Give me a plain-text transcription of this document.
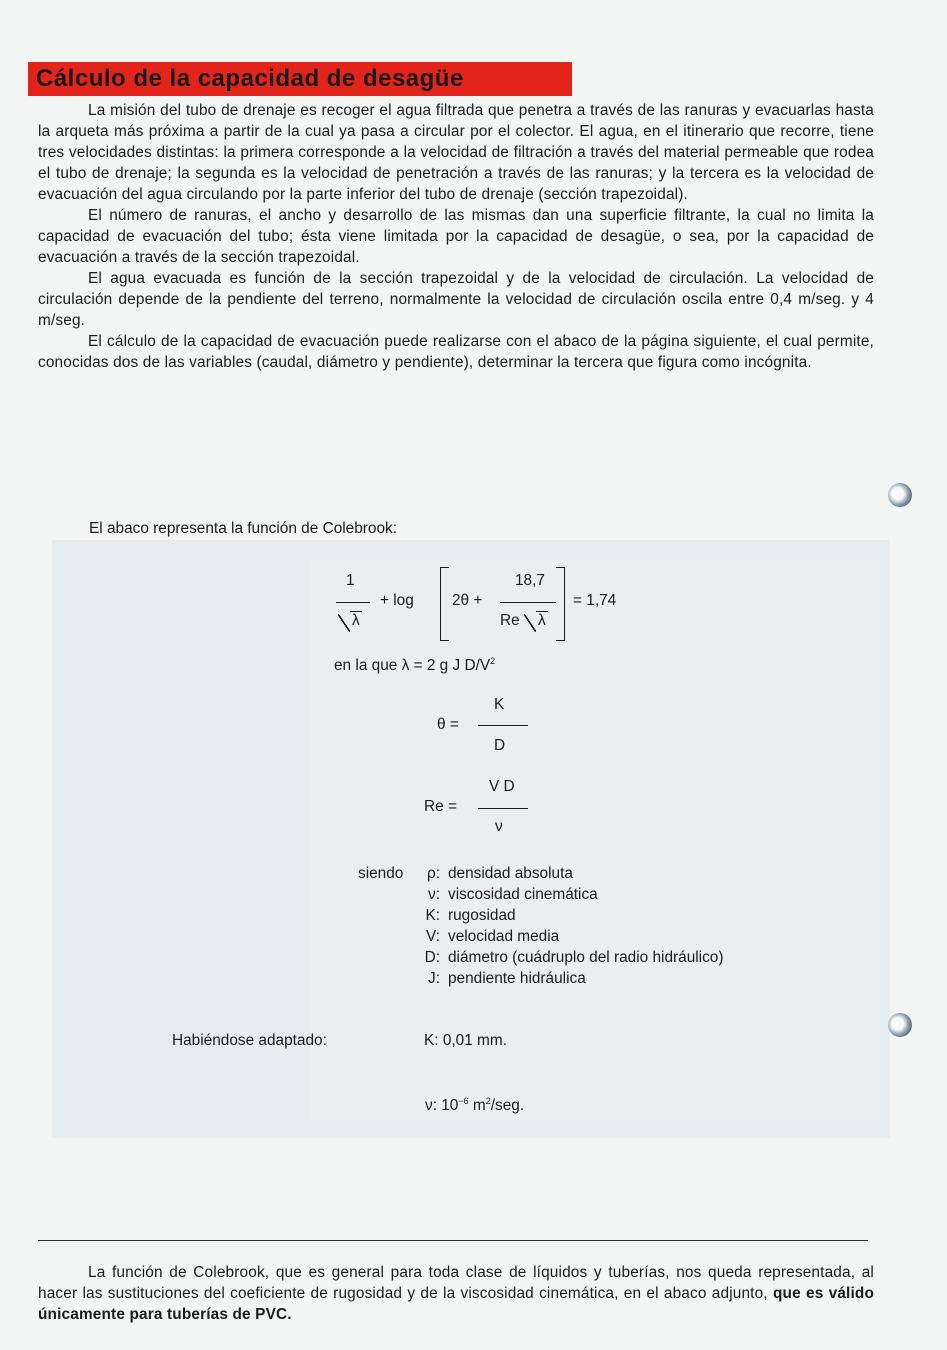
Cálculo de la capacidad de desagüe

La misión del tubo de drenaje es recoger el agua filtrada que penetra a través de las ranuras y evacuarlas hasta la arqueta más próxima a partir de la cual ya pasa a circular por el colector. El agua, en el itinerario que recorre, tiene tres velocidades distintas: la primera corresponde a la velocidad de filtración a través del material permeable que rodea el tubo de drenaje; la segunda es la velocidad de penetración a través de las ranuras; y la tercera es la velocidad de evacuación del agua circulando por la parte inferior del tubo de drenaje (sección trapezoidal).

El número de ranuras, el ancho y desarrollo de las mismas dan una superficie filtrante, la cual no limita la capacidad de evacuación del tubo; ésta viene limitada por la capacidad de desagüe, o sea, por la capacidad de evacuación a través de la sección trapezoidal.

El agua evacuada es función de la sección trapezoidal y de la velocidad de circulación. La velocidad de circulación depende de la pendiente del terreno, normalmente la velocidad de circulación oscila entre 0,4 m/seg. y 4 m/seg.

El cálculo de la capacidad de evacuación puede realizarse con el abaco de la página siguiente, el cual permite, conocidas dos de las variables (caudal, diámetro y pendiente), determinar la tercera que figura como incógnita.

El abaco representa la función de Colebrook:
1
λ
+ log 2θ +
18,7
Re λ
= 1,74
en la que λ = 2 g J $D/V^2$
θ =
K
D
Re =
V D
ν
siendo	ρ: densidad absoluta
ν: viscosidad cinemática
K: rugosidad
V: velocidad media
D: diámetro (cuádruplo del radio hidráulico)
J: pendiente hidráulica
Habiéndose adaptado:	K: 0,01 mm.
ν: $10^{-6}$ $m^2$/seg.

La función de Colebrook, que es general para toda clase de líquidos y tuberías, nos queda representada, al hacer las sustituciones del coeficiente de rugosidad y de la viscosidad cinemática, en el abaco adjunto, que es válido únicamente para tuberías de PVC.
